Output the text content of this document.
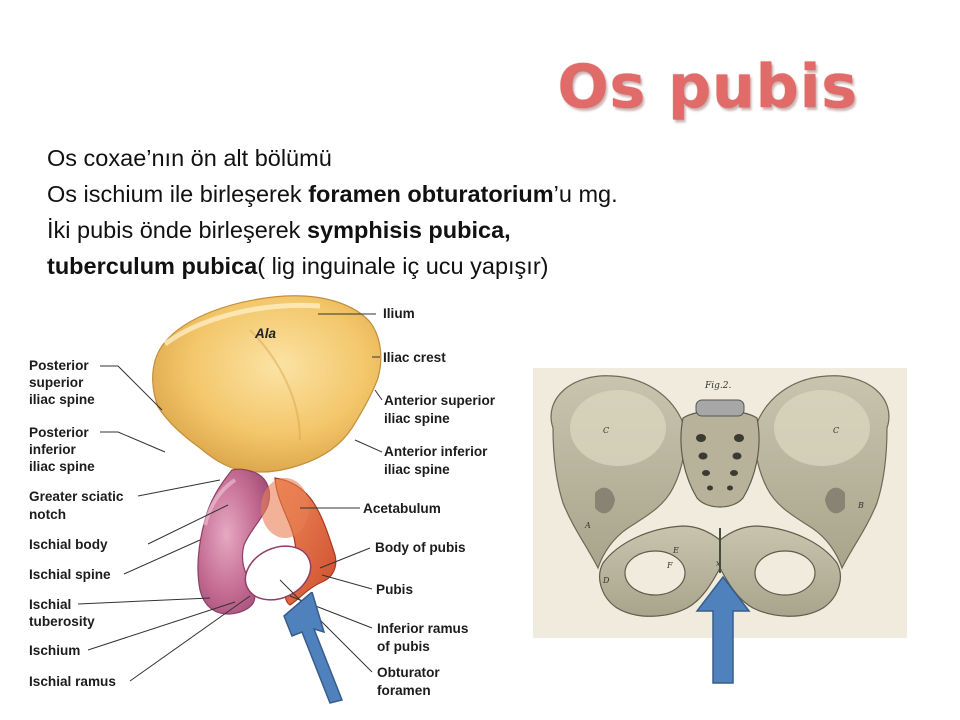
Os pubis
Os coxae’nın ön alt bölümü
Os ischium ile birleşerek foramen obturatorium’u mg.
İki pubis önde birleşerek symphisis pubica,
tuberculum pubica( lig inguinale iç ucu yapışır)
Ala
Ilium
Iliac crest
Anterior superior
iliac spine
Anterior inferior
iliac spine
Acetabulum
Body of pubis
Pubis
Inferior ramus
of pubis
Obturator
foramen
Posterior
superior
iliac spine
Posterior
inferior
iliac spine
Greater sciatic
notch
Ischial body
Ischial spine
Ischial
tuberosity
Ischium
Ischial ramus
Fig.2.
C	C
A
B
E
F
D
x
